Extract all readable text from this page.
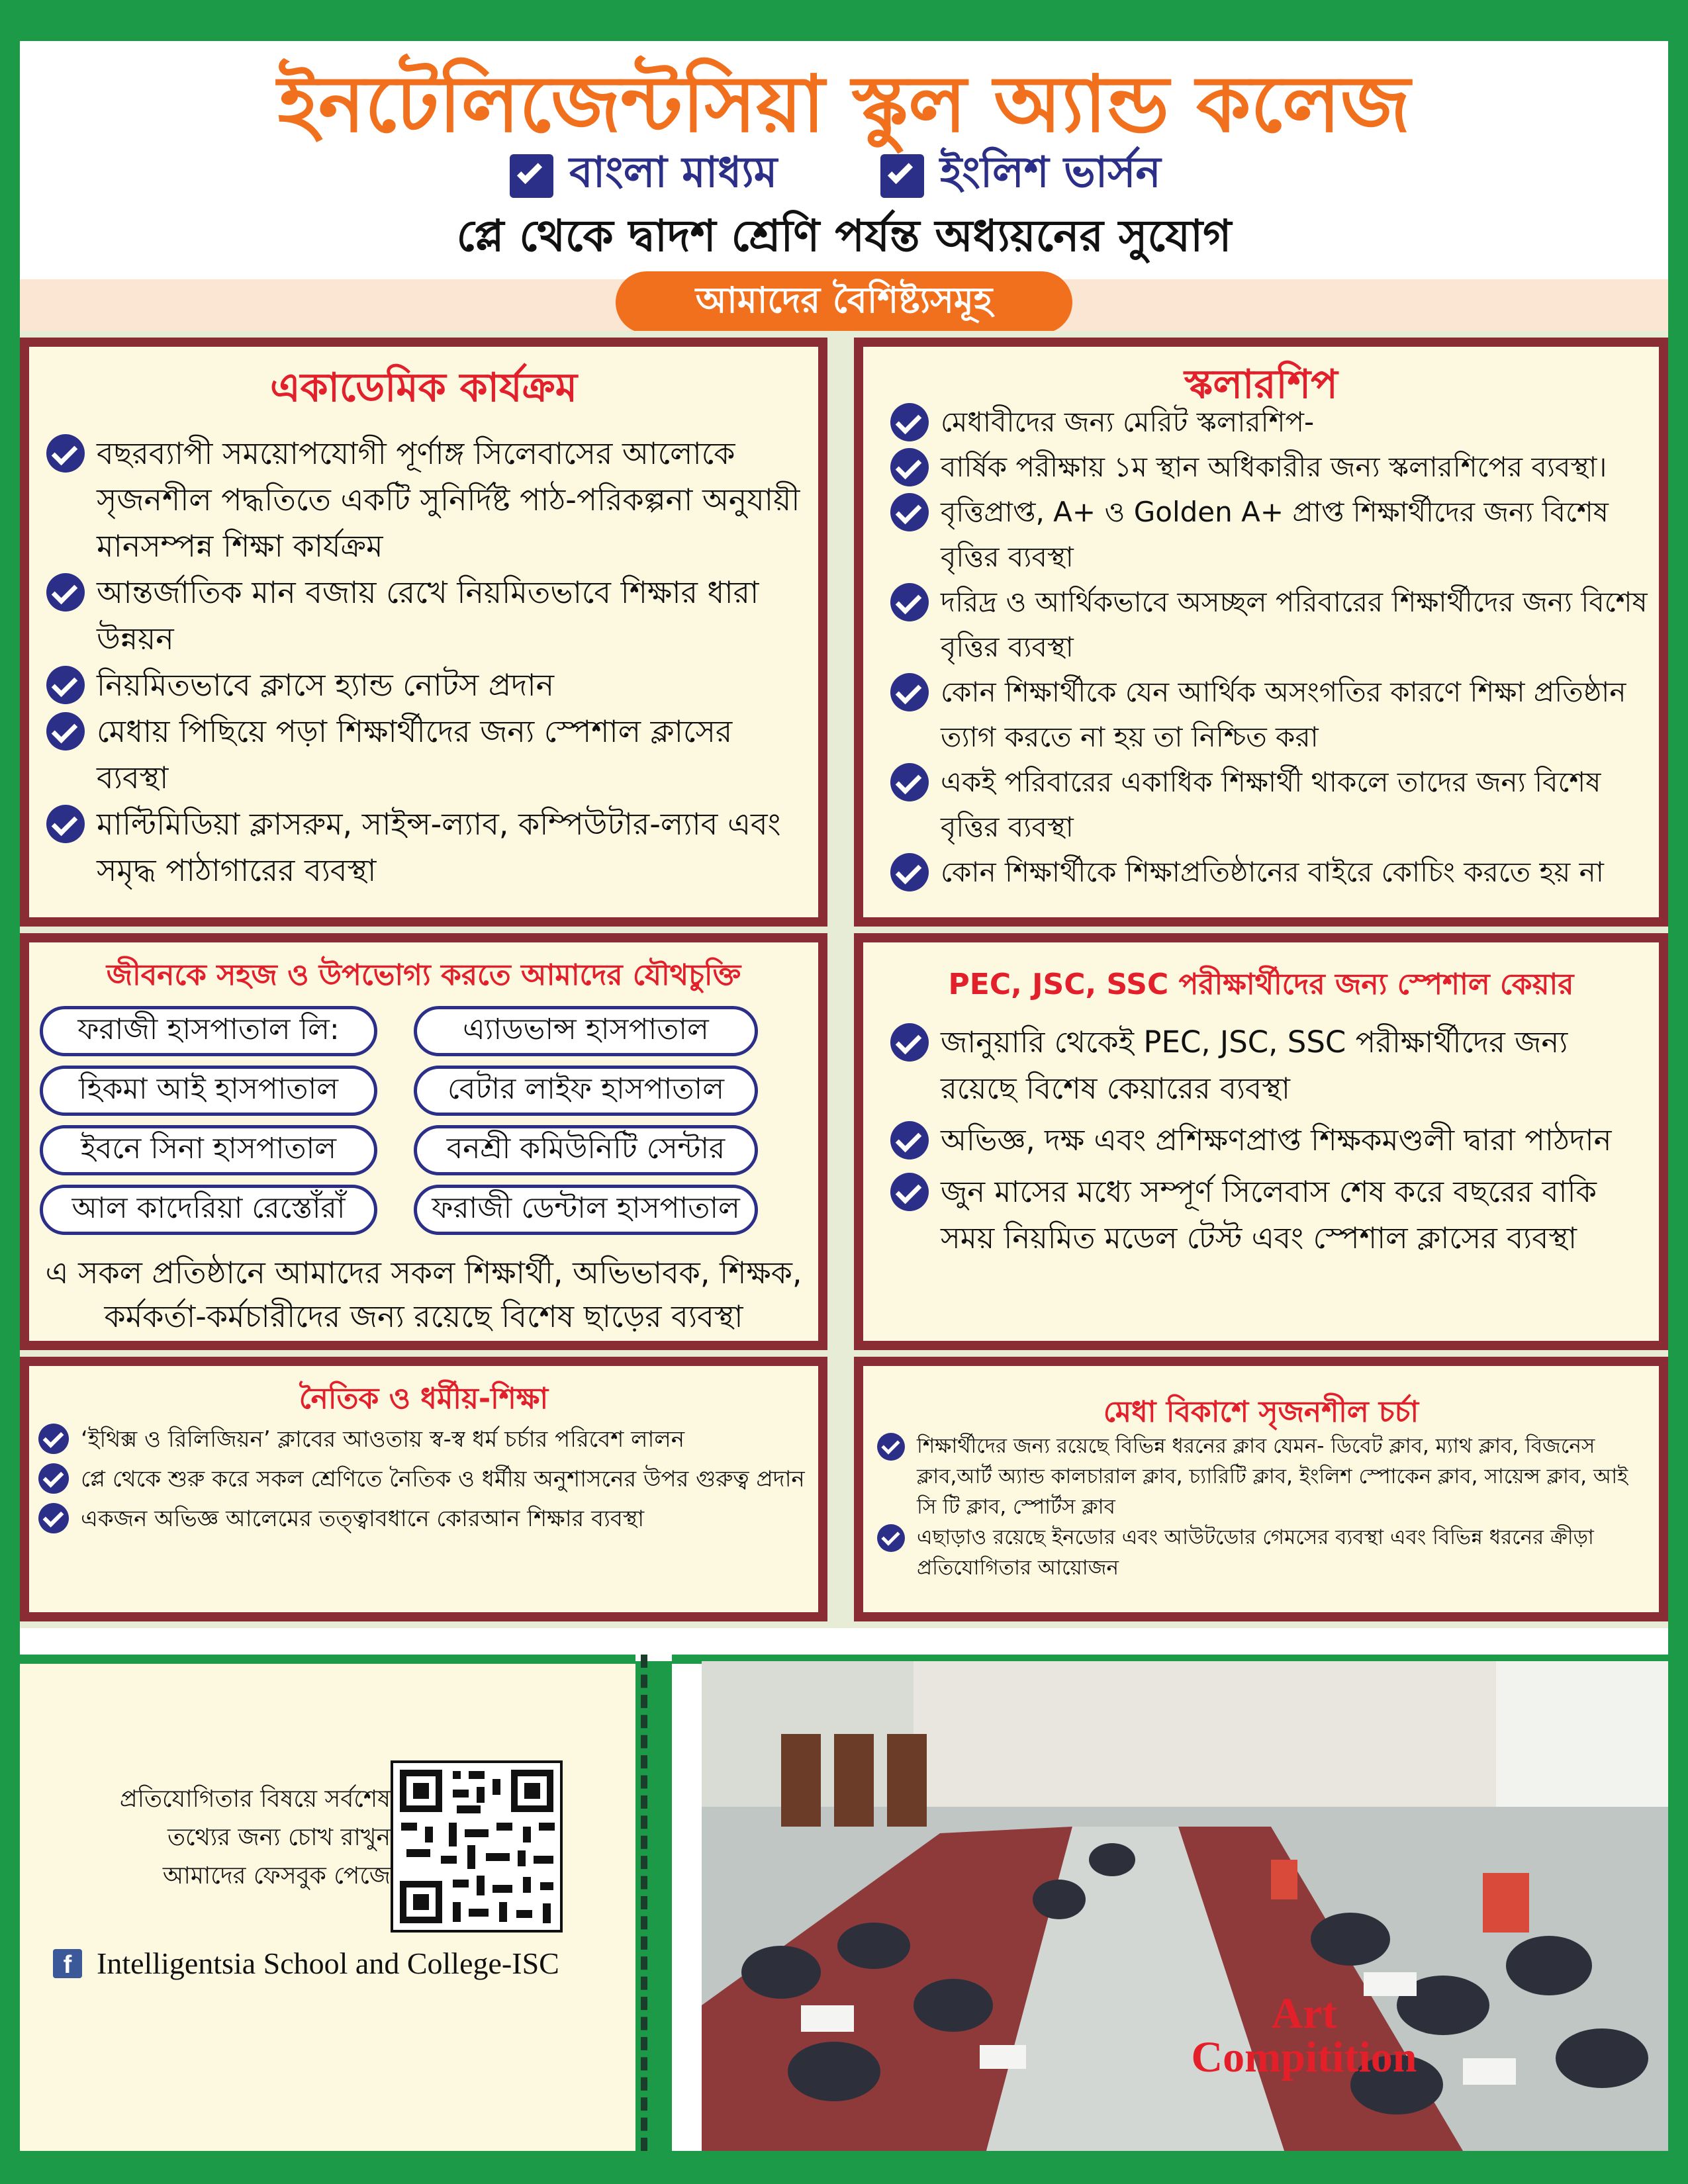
ইনটেলিজেন্টসিয়া স্কুল অ্যান্ড কলেজ
বাংলা মাধ্যম	ইংলিশ ভার্সন
প্লে থেকে দ্বাদশ শ্রেণি পর্যন্ত অধ্যয়নের সুযোগ
আমাদের বৈশিষ্ট্যসমূহ
একাডেমিক কার্যক্রম
বছরব্যাপী সময়োপযোগী পূর্ণাঙ্গ সিলেবাসের আলোকে সৃজনশীল পদ্ধতিতে একটি সুনির্দিষ্ট পাঠ-পরিকল্পনা অনুযায়ী মানসম্পন্ন শিক্ষা কার্যক্রম
আন্তর্জাতিক মান বজায় রেখে নিয়মিতভাবে শিক্ষার ধারা উন্নয়ন
নিয়মিতভাবে ক্লাসে হ্যান্ড নোটস প্রদান
মেধায় পিছিয়ে পড়া শিক্ষার্থীদের জন্য স্পেশাল ক্লাসের ব্যবস্থা
মাল্টিমিডিয়া ক্লাসরুম, সাইন্স-ল্যাব, কম্পিউটার-ল্যাব এবং সমৃদ্ধ পাঠাগারের ব্যবস্থা
স্কলারশিপ
মেধাবীদের জন্য মেরিট স্কলারশিপ-
বার্ষিক পরীক্ষায় ১ম স্থান অধিকারীর জন্য স্কলারশিপের ব্যবস্থা।
বৃত্তিপ্রাপ্ত, A+ ও Golden A+ প্রাপ্ত শিক্ষার্থীদের জন্য বিশেষ বৃত্তির ব্যবস্থা
দরিদ্র ও আর্থিকভাবে অসচ্ছল পরিবারের শিক্ষার্থীদের জন্য বিশেষ বৃত্তির ব্যবস্থা
কোন শিক্ষার্থীকে যেন আর্থিক অসংগতির কারণে শিক্ষা প্রতিষ্ঠান ত্যাগ করতে না হয় তা নিশ্চিত করা
একই পরিবারের একাধিক শিক্ষার্থী থাকলে তাদের জন্য বিশেষ বৃত্তির ব্যবস্থা
কোন শিক্ষার্থীকে শিক্ষাপ্রতিষ্ঠানের বাইরে কোচিং করতে হয় না
জীবনকে সহজ ও উপভোগ্য করতে আমাদের যৌথচুক্তি
ফরাজী হাসপাতাল লি:
হিকমা আই হাসপাতাল
ইবনে সিনা হাসপাতাল
আল কাদেরিয়া রেস্তোঁরাঁ
এ্যাডভান্স হাসপাতাল
বেটার লাইফ হাসপাতাল
বনশ্রী কমিউনিটি সেন্টার
ফরাজী ডেন্টাল হাসপাতাল
এ সকল প্রতিষ্ঠানে আমাদের সকল শিক্ষার্থী, অভিভাবক, শিক্ষক, কর্মকর্তা-কর্মচারীদের জন্য রয়েছে বিশেষ ছাড়ের ব্যবস্থা
PEC, JSC, SSC পরীক্ষার্থীদের জন্য স্পেশাল কেয়ার
জানুয়ারি থেকেই PEC, JSC, SSC পরীক্ষার্থীদের জন্য রয়েছে বিশেষ কেয়ারের ব্যবস্থা
অভিজ্ঞ, দক্ষ এবং প্রশিক্ষণপ্রাপ্ত শিক্ষকমণ্ডলী দ্বারা পাঠদান
জুন মাসের মধ্যে সম্পূর্ণ সিলেবাস শেষ করে বছরের বাকি সময় নিয়মিত মডেল টেস্ট এবং স্পেশাল ক্লাসের ব্যবস্থা
নৈতিক ও ধর্মীয়-শিক্ষা
‘ইথিক্স ও রিলিজিয়ন’ ক্লাবের আওতায় স্ব-স্ব ধর্ম চর্চার পরিবেশ লালন
প্লে থেকে শুরু করে সকল শ্রেণিতে নৈতিক ও ধর্মীয় অনুশাসনের উপর গুরুত্ব প্রদান
একজন অভিজ্ঞ আলেমের তত্ত্বাবধানে কোরআন শিক্ষার ব্যবস্থা
মেধা বিকাশে সৃজনশীল চর্চা
শিক্ষার্থীদের জন্য রয়েছে বিভিন্ন ধরনের ক্লাব যেমন- ডিবেট ক্লাব, ম্যাথ ক্লাব, বিজনেস ক্লাব,আর্ট অ্যান্ড কালচারাল ক্লাব, চ্যারিটি ক্লাব, ইংলিশ স্পোকেন ক্লাব, সায়েন্স ক্লাব, আই সি টি ক্লাব, স্পোর্টস ক্লাব
এছাড়াও রয়েছে ইনডোর এবং আউটডোর গেমসের ব্যবস্থা এবং বিভিন্ন ধরনের ক্রীড়া প্রতিযোগিতার আয়োজন
প্রতিযোগিতার বিষয়ে সর্বশেষ তথ্যের জন্য চোখ রাখুন আমাদের ফেসবুক পেজে
f Intelligentsia School and College-ISC
Art
Compitition
